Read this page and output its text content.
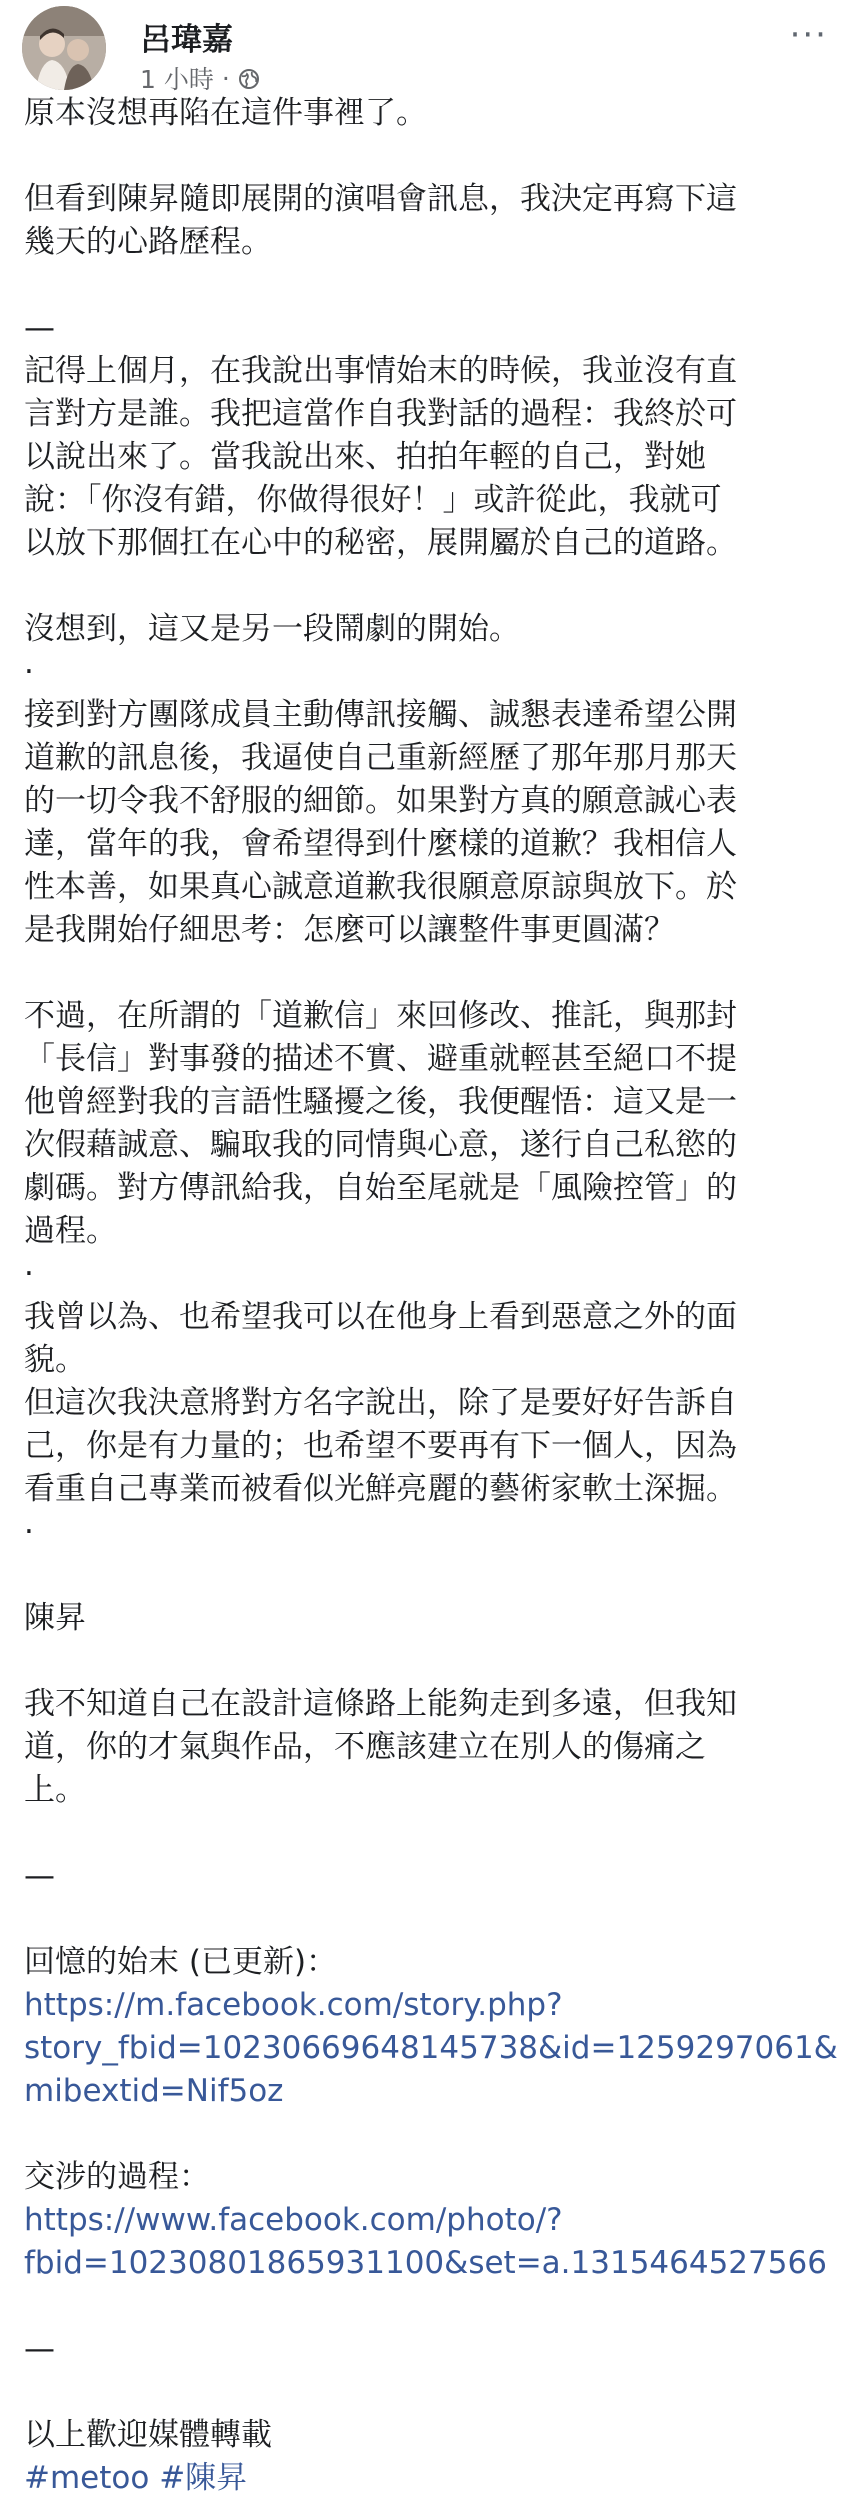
呂瑋嘉
1 小時 ·
···

原本沒想再陷在這件事裡了。

但看到陳昇隨即展開的演唱會訊息，我決定再寫下這
幾天的心路歷程。

—

記得上個月，在我說出事情始末的時候，我並沒有直
言對方是誰。我把這當作自我對話的過程：我終於可
以說出來了。當我說出來、拍拍年輕的自己，對她
說：「你沒有錯，你做得很好！」或許從此，我就可
以放下那個扛在心中的秘密，展開屬於自己的道路。

沒想到，這又是另一段鬧劇的開始。

·

接到對方團隊成員主動傳訊接觸、誠懇表達希望公開
道歉的訊息後，我逼使自己重新經歷了那年那月那天
的一切令我不舒服的細節。如果對方真的願意誠心表
達，當年的我，會希望得到什麼樣的道歉？我相信人
性本善，如果真心誠意道歉我很願意原諒與放下。於
是我開始仔細思考：怎麼可以讓整件事更圓滿？

不過，在所謂的「道歉信」來回修改、推託，與那封
「長信」對事發的描述不實、避重就輕甚至絕口不提
他曾經對我的言語性騷擾之後，我便醒悟：這又是一
次假藉誠意、騙取我的同情與心意，遂行自己私慾的
劇碼。對方傳訊給我，自始至尾就是「風險控管」的
過程。

·

我曾以為、也希望我可以在他身上看到惡意之外的面
貌。

但這次我決意將對方名字說出，除了是要好好告訴自
己，你是有力量的；也希望不要再有下一個人，因為
看重自己專業而被看似光鮮亮麗的藝術家軟土深掘。

·

陳昇

我不知道自己在設計這條路上能夠走到多遠，但我知
道，你的才氣與作品，不應該建立在別人的傷痛之
上。

—

回憶的始末 (已更新)：

https://m.facebook.com/story.php?
story_fbid=10230669648145738&id=1259297061&
mibextid=Nif5oz

交涉的過程：

https://www.facebook.com/photo/?
fbid=10230801865931100&set=a.1315464527566

—

以上歡迎媒體轉載

#metoo #陳昇
